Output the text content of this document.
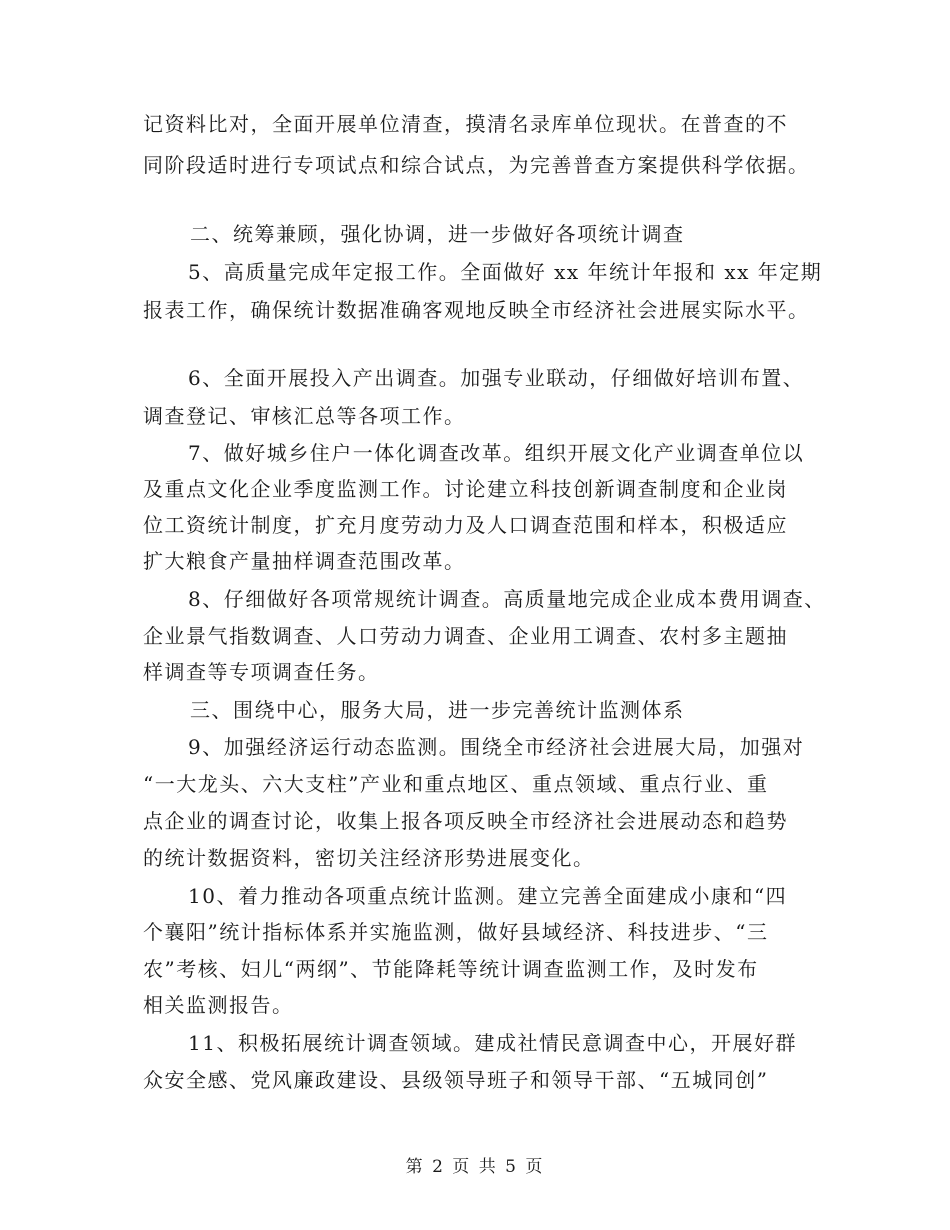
记资料比对，全面开展单位清查，摸清名录库单位现状。在普查的不
同阶段适时进行专项试点和综合试点，为完善普查方案提供科学依据。
二、统筹兼顾，强化协调，进一步做好各项统计调查
5、高质量完成年定报工作。全面做好 xx 年统计年报和 xx 年定期
报表工作，确保统计数据准确客观地反映全市经济社会进展实际水平。
6、全面开展投入产出调查。加强专业联动，仔细做好培训布置、
调查登记、审核汇总等各项工作。
7、做好城乡住户一体化调查改革。组织开展文化产业调查单位以
及重点文化企业季度监测工作。讨论建立科技创新调查制度和企业岗
位工资统计制度，扩充月度劳动力及人口调查范围和样本，积极适应
扩大粮食产量抽样调查范围改革。
8、仔细做好各项常规统计调查。高质量地完成企业成本费用调查、
企业景气指数调查、人口劳动力调查、企业用工调查、农村多主题抽
样调查等专项调查任务。
三、围绕中心，服务大局，进一步完善统计监测体系
9、加强经济运行动态监测。围绕全市经济社会进展大局，加强对
“一大龙头、六大支柱”产业和重点地区、重点领域、重点行业、重
点企业的调查讨论，收集上报各项反映全市经济社会进展动态和趋势
的统计数据资料，密切关注经济形势进展变化。
10、着力推动各项重点统计监测。建立完善全面建成小康和“四
个襄阳”统计指标体系并实施监测，做好县域经济、科技进步、“三
农”考核、妇儿“两纲”、节能降耗等统计调查监测工作，及时发布
相关监测报告。
11、积极拓展统计调查领域。建成社情民意调查中心，开展好群
众安全感、党风廉政建设、县级领导班子和领导干部、“五城同创”
第 2 页 共 5 页
